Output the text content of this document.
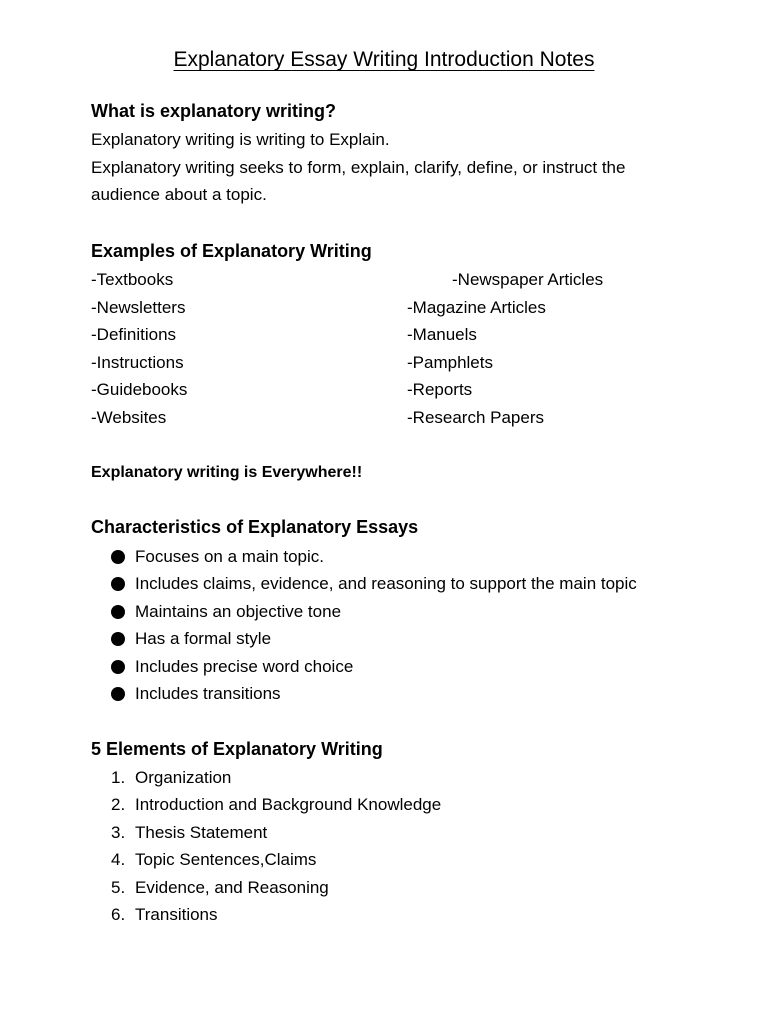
Explanatory Essay Writing Introduction Notes
What is explanatory writing?
Explanatory writing is writing to Explain.
Explanatory writing seeks to form, explain, clarify, define, or instruct the
audience about a topic.
Examples of Explanatory Writing
-Textbooks
-Newsletters
-Definitions
-Instructions
-Guidebooks
-Websites
-Newspaper Articles
-Magazine Articles
-Manuels
-Pamphlets
-Reports
-Research Papers
Explanatory writing is Everywhere!!
Characteristics of Explanatory Essays
Focuses on a main topic.
Includes claims, evidence, and reasoning to support the main topic
Maintains an objective tone
Has a formal style
Includes precise word choice
Includes transitions
5 Elements of Explanatory Writing
1. Organization
2. Introduction and Background Knowledge
3. Thesis Statement
4. Topic Sentences,Claims
5. Evidence, and Reasoning
6. Transitions
